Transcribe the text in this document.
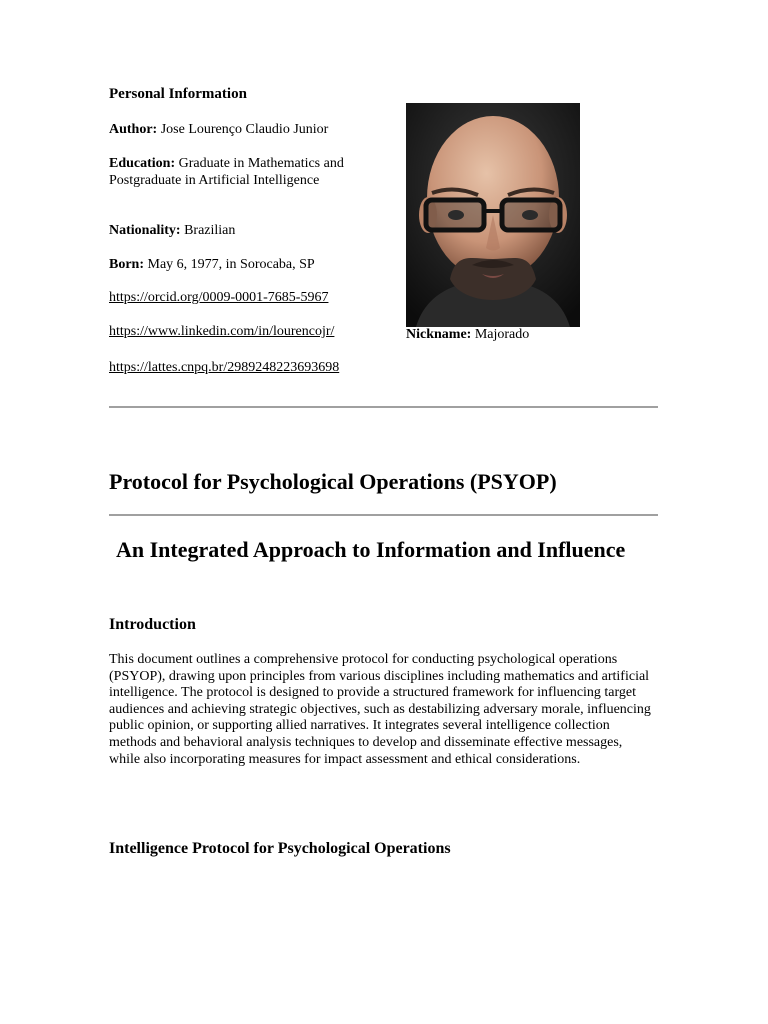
Personal Information
Author: Jose Lourenço Claudio Junior
Education: Graduate in Mathematics and Postgraduate in Artificial Intelligence
Nationality: Brazilian
Born: May 6, 1977, in Sorocaba, SP
https://orcid.org/0009-0001-7685-5967
https://www.linkedin.com/in/lourencojr/
https://lattes.cnpq.br/2989248223693698
Nickname: Majorado
Protocol for Psychological Operations (PSYOP)
An Integrated Approach to Information and Influence
Introduction
This document outlines a comprehensive protocol for conducting psychological operations (PSYOP), drawing upon principles from various disciplines including mathematics and artificial intelligence. The protocol is designed to provide a structured framework for influencing target audiences and achieving strategic objectives, such as destabilizing adversary morale, influencing public opinion, or supporting allied narratives. It integrates several intelligence collection methods and behavioral analysis techniques to develop and disseminate effective messages, while also incorporating measures for impact assessment and ethical considerations.
Intelligence Protocol for Psychological Operations
